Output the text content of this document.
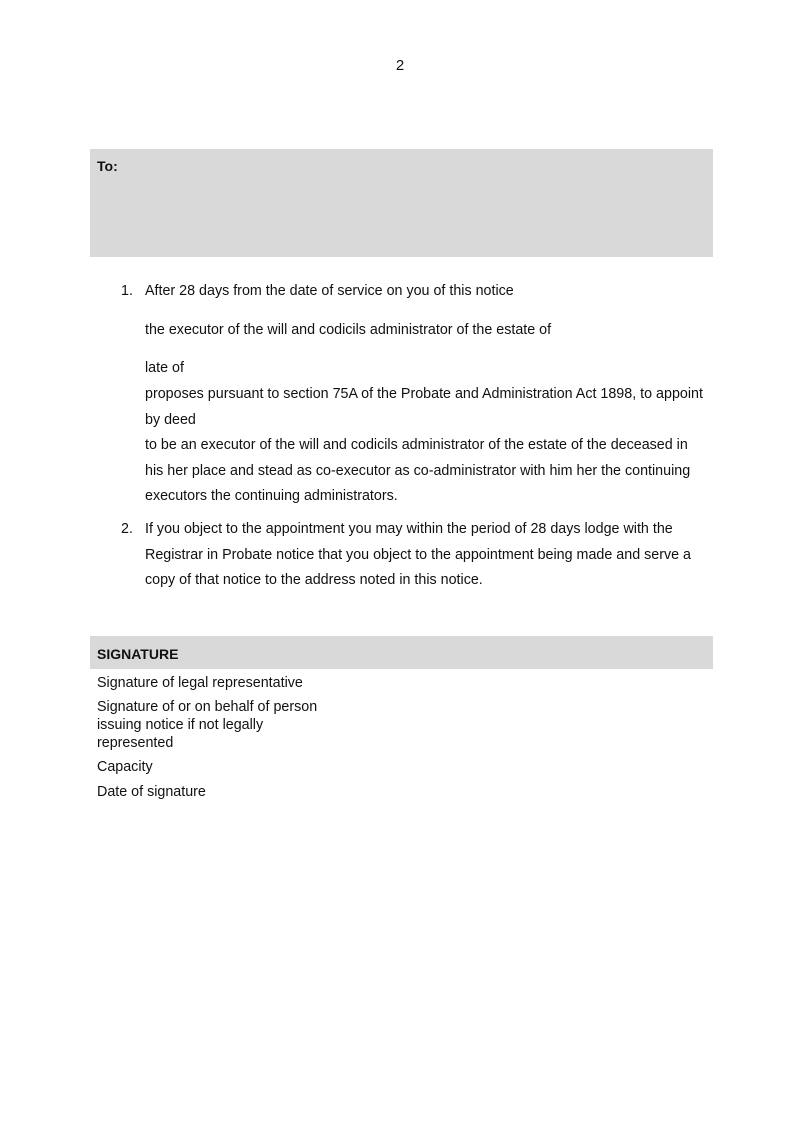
2
To:
1. After 28 days from the date of service on you of this notice
the executor of the will and codicils administrator of the estate of
late of
proposes pursuant to section 75A of the Probate and Administration Act 1898, to appoint by deed
to be an executor of the will and codicils administrator of the estate of the deceased in his her place and stead as co-executor as co-administrator with him her the continuing executors the continuing administrators.
2. If you object to the appointment you may within the period of 28 days lodge with the Registrar in Probate notice that you object to the appointment being made and serve a copy of that notice to the address noted in this notice.
SIGNATURE
Signature of legal representative
Signature of or on behalf of person issuing notice if not legally represented
Capacity
Date of signature
